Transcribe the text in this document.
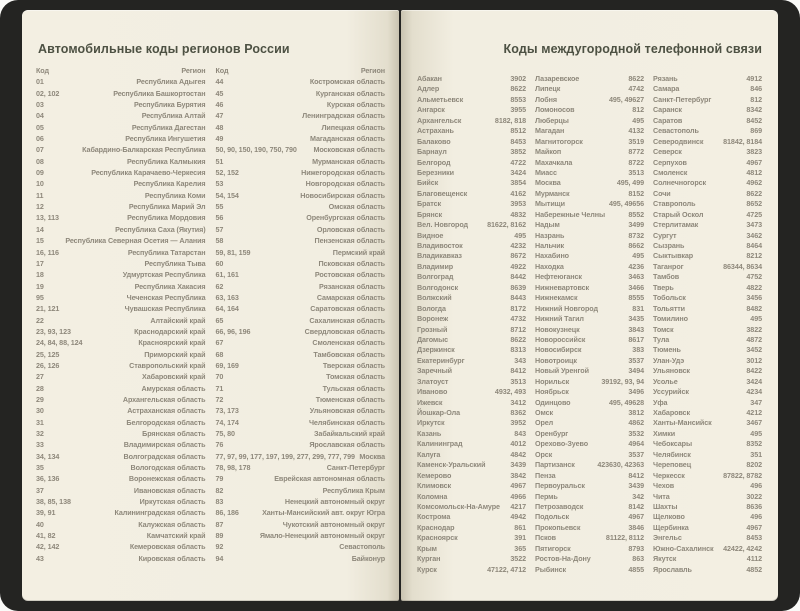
Автомобильные коды регионов России
Код	Регион
01	Республика Адыгея
02, 102	Республика Башкортостан
03	Республика Бурятия
04	Республика Алтай
05	Республика Дагестан
06	Республика Ингушетия
07	Кабардино-Балкарская Республика
08	Республика Калмыкия
09	Республика Карачаево-Черкесия
10	Республика Карелия
11	Республика Коми
12	Республика Марий Эл
13, 113	Республика Мордовия
14	Республика Саха (Якутия)
15	Республика Северная Осетия — Алания
16, 116	Республика Татарстан
17	Республика Тыва
18	Удмуртская Республика
19	Республика Хакасия
95	Чеченская Республика
21, 121	Чувашская Республика
22	Алтайский край
23, 93, 123	Краснодарский край
24, 84, 88, 124	Красноярский край
25, 125	Приморский край
26, 126	Ставропольский край
27	Хабаровский край
28	Амурская область
29	Архангельская область
30	Астраханская область
31	Белгородская область
32	Брянская область
33	Владимирская область
34, 134	Волгоградская область
35	Вологодская область
36, 136	Воронежская область
37	Ивановская область
38, 85, 138	Иркутская область
39, 91	Калининградская область
40	Калужская область
41, 82	Камчатский край
42, 142	Кемеровская область
43	Кировская область
Код	Регион
44	Костромская область
45	Курганская область
46	Курская область
47	Ленинградская область
48	Липецкая область
49	Магаданская область
50, 90, 150, 190, 750, 790 Московская область
51	Мурманская область
52, 152	Нижегородская область
53	Новгородская область
54, 154	Новосибирская область
55	Омская область
56	Оренбургская область
57	Орловская область
58	Пензенская область
59, 81, 159	Пермский край
60	Псковская область
61, 161	Ростовская область
62	Рязанская область
63, 163	Самарская область
64, 164	Саратовская область
65	Сахалинская область
66, 96, 196	Свердловская область
67	Смоленская область
68	Тамбовская область
69, 169	Тверская область
70	Томская область
71	Тульская область
72	Тюменская область
73, 173	Ульяновская область
74, 174	Челябинская область
75, 80	Забайкальский край
76	Ярославская область
77, 97, 99, 177, 197, 199, 277, 299, 777, 799 Москва
78, 98, 178	Санкт-Петербург
79	Еврейская автономная область
82	Республика Крым
83	Ненецкий автономный округ
86, 186	Ханты-Мансийский авт. округ Югра
87	Чукотский автономный округ
89	Ямало-Ненецкий автономный округ
92	Севастополь
94	Байконур
Коды междугородной телефонной связи
Абакан	3902
Адлер	8622
Альметьевск	8553
Ангарск	3955
Архангельск	8182, 818
Астрахань	8512
Балаково	8453
Барнаул	3852
Белгород	4722
Березники	3424
Бийск	3854
Благовещенск	4162
Братск	3953
Брянск	4832
Вел. Новгород	81622, 8162
Видное	495
Владивосток	4232
Владикавказ	8672
Владимир	4922
Волгоград	8442
Волгодонск	8639
Волжский	8443
Вологда	8172
Воронеж	4732
Грозный	8712
Дагомыс	8622
Дзержинск	8313
Екатеринбург	343
Заречный	8412
Златоуст	3513
Иваново	4932, 493
Ижевск	3412
Йошкар-Ола	8362
Иркутск	3952
Казань	843
Калининград	4012
Калуга	4842
Каменск-Уральский	3439
Кемерово	3842
Климовск	4967
Коломна	4966
Комсомольск-На-Амуре 4217
Кострома	4942
Краснодар	861
Красноярск	391
Крым	365
Курган	3522
Курск	47122, 4712
Лазаревское	8622
Липецк	4742
Лобня	495, 49627
Ломоносов	812
Люберцы	495
Магадан	4132
Магнитогорск	3519
Майкоп	8772
Махачкала	8722
Миасс	3513
Москва	495, 499
Мурманск	8152
Мытищи	495, 49656
Набережные Челны	8552
Надым	3499
Назрань	8732
Нальчик	8662
Нахабино	495
Находка	4236
Нефтеюганск	3463
Нижневартовск	3466
Нижнекамск	8555
Нижний Новгород	831
Нижний Тагил	3435
Новокузнецк	3843
Новороссийск	8617
Новосибирск	383
Новотроицк	3537
Новый Уренгой	3494
Норильск	39192, 93, 94
Ноябрьск	3496
Одинцово	495, 49628
Омск	3812
Орел	4862
Оренбург	3532
Орехово-Зуево	4964
Орск	3537
Партизанск	423630, 42363
Пенза	8412
Первоуральск	3439
Пермь	342
Петрозаводск	8142
Подольск	4967
Прокопьевск	3846
Псков	81122, 8112
Пятигорск	8793
Ростов-На-Дону	863
Рыбинск	4855
Рязань	4912
Самара	846
Санкт-Петербург	812
Саранск	8342
Саратов	8452
Севастополь	869
Северодвинск	81842, 8184
Северск	3823
Серпухов	4967
Смоленск	4812
Солнечногорск	4962
Сочи	8622
Ставрополь	8652
Старый Оскол	4725
Стерлитамак	3473
Сургут	3462
Сызрань	8464
Сыктывкар	8212
Таганрог	86344, 8634
Тамбов	4752
Тверь	4822
Тобольск	3456
Тольятти	8482
Томилино	495
Томск	3822
Тула	4872
Тюмень	3452
Улан-Удэ	3012
Ульяновск	8422
Усолье	3424
Уссурийск	4234
Уфа	347
Хабаровск	4212
Ханты-Мансийск	3467
Химки	495
Чебоксары	8352
Челябинск	351
Череповец	8202
Черкесск	87822, 8782
Чехов	496
Чита	3022
Шахты	8636
Щелково	496
Щербинка	4967
Энгельс	8453
Южно-Сахалинск 42422, 4242
Якутск	4112
Ярославль	4852
